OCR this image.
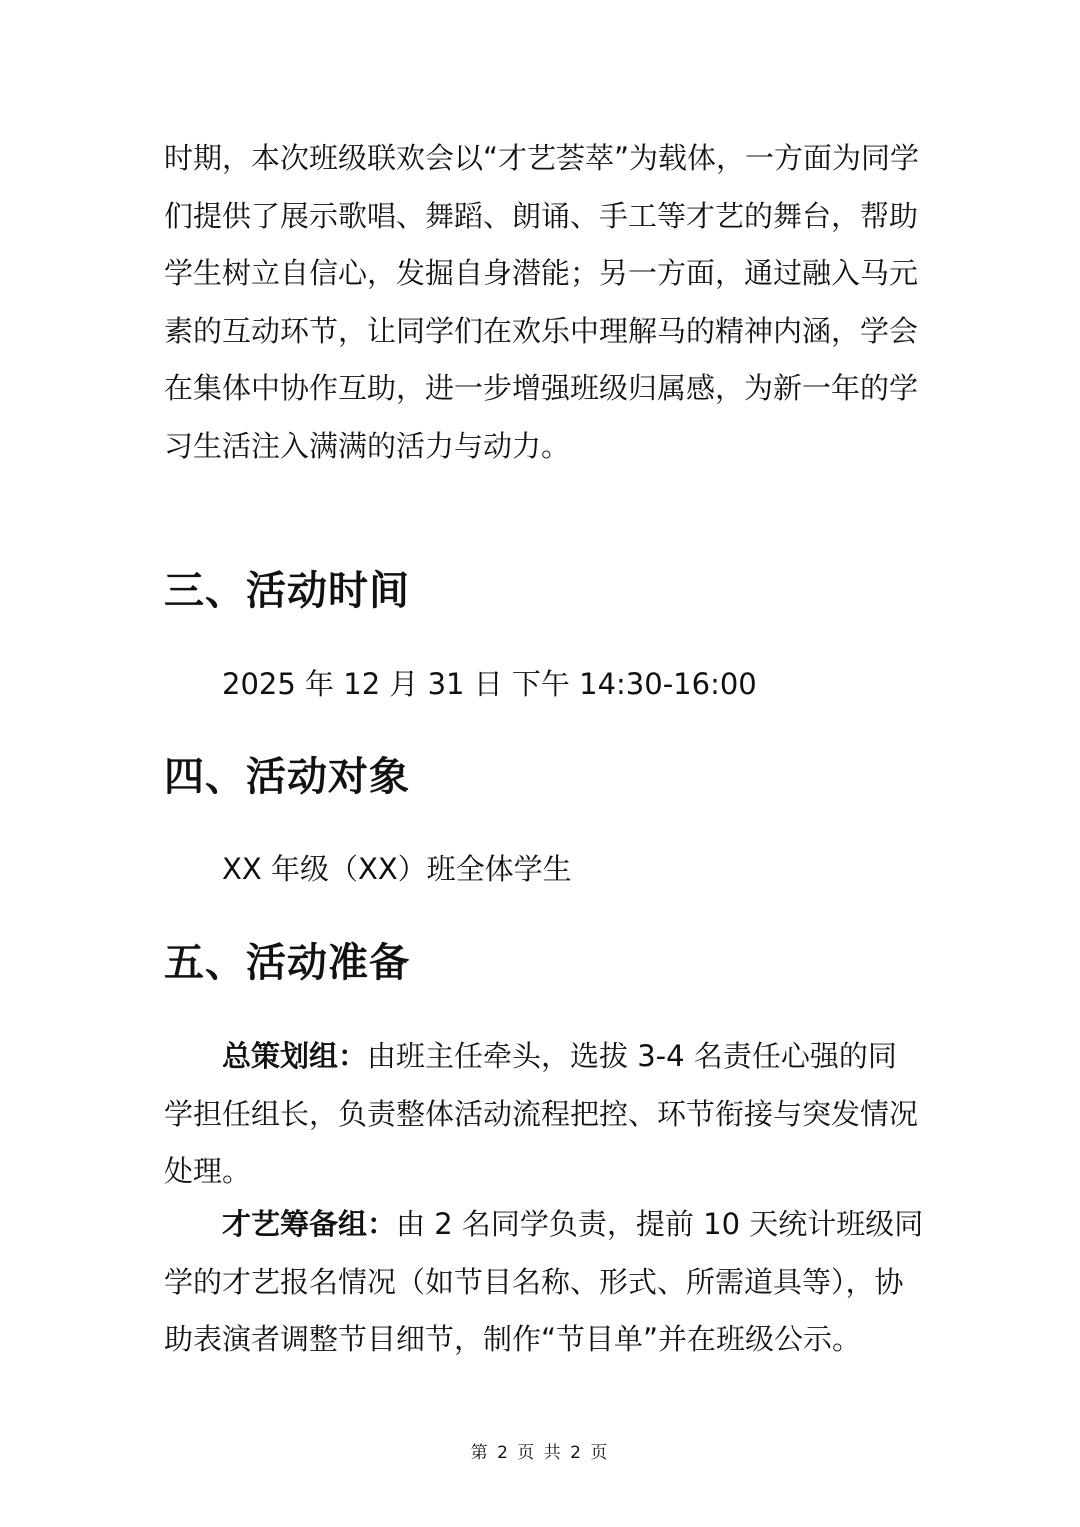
时期，本次班级联欢会以“才艺荟萃”为载体，一方面为同学们提供了展示歌唱、舞蹈、朗诵、手工等才艺的舞台，帮助学生树立自信心，发掘自身潜能；另一方面，通过融入马元素的互动环节，让同学们在欢乐中理解马的精神内涵，学会在集体中协作互助，进一步增强班级归属感，为新一年的学习生活注入满满的活力与动力。

三、活动时间

2025 年 12 月 31 日 下午 14:30-16:00

四、活动对象

XX 年级（XX）班全体学生

五、活动准备

总策划组：由班主任牵头，选拔 3-4 名责任心强的同学担任组长，负责整体活动流程把控、环节衔接与突发情况处理。

才艺筹备组：由 2 名同学负责，提前 10 天统计班级同学的才艺报名情况（如节目名称、形式、所需道具等），协助表演者调整节目细节，制作“节目单”并在班级公示。

第 2 页 共 2 页
